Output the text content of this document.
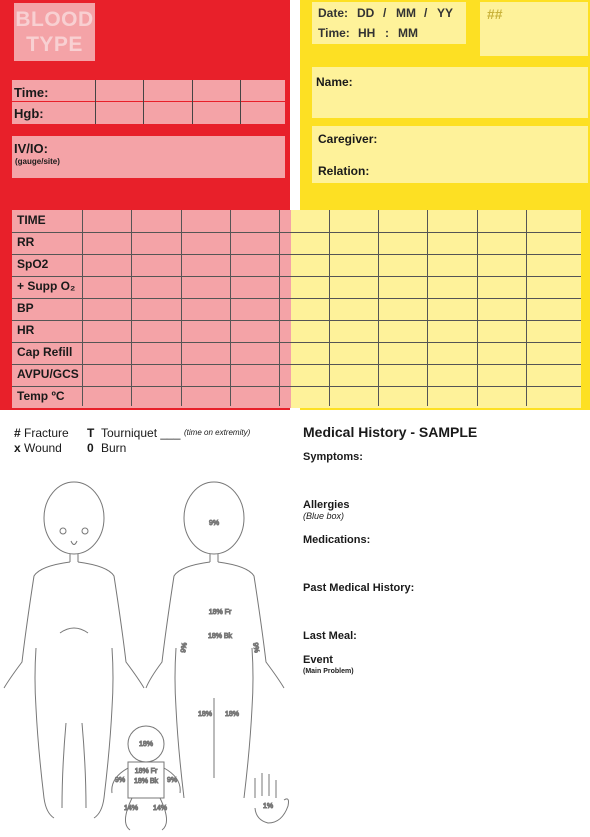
BLOOD
TYPE
Date: DD / MM / YY
Time: HH : MM
##
Time:
Hgb:
IV/IO:
(gauge/site)
Name:
Caregiver:
Relation:
TIME
RR
SpO2
+ Supp O₂
BP
HR
Cap Refill
AVPU/GCS
Temp ºC
# Fracture T Tourniquet ___ (time on extremity)
x Wound 0 Burn
9%
18% Fr
18% Bk
9%	9%
18% 18%
18%
18% Fr
18% Bk
9%	9%
14% 14%	1%
Medical History - SAMPLE
Symptoms:
Allergies
(Blue box)
Medications:
Past Medical History:
Last Meal:
Event
(Main Problem)
